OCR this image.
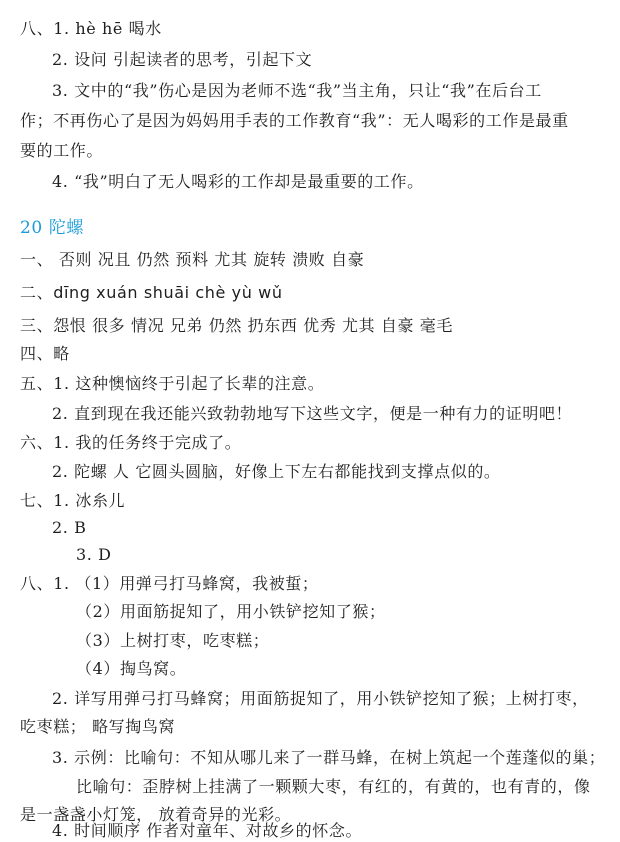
八、1. hè hē 喝水
2. 设问 引起读者的思考，引起下文
3. 文中的“我”伤心是因为老师不选“我”当主角，只让“我”在后台工
作；不再伤心了是因为妈妈用手表的工作教育“我”：无人喝彩的工作是最重
要的工作。
4. “我”明白了无人喝彩的工作却是最重要的工作。
20 陀螺
一、 否则 况且 仍然 预料 尤其 旋转 溃败 自豪
二、dīng xuán shuāi chè yù wǔ
三、怨恨 很多 情况 兄弟 仍然 扔东西 优秀 尤其 自豪 毫毛
四、略
五、1. 这种懊恼终于引起了长辈的注意。
2. 直到现在我还能兴致勃勃地写下这些文字，便是一种有力的证明吧！
六、1. 我的任务终于完成了。
2. 陀螺 人 它圆头圆脑，好像上下左右都能找到支撑点似的。
七、1. 冰糸儿
2. B
3. D
八、1. （1）用弹弓打马蜂窝，我被蜇；
（2）用面筋捉知了，用小铁铲挖知了猴；
（3）上树打枣，吃枣糕；
（4）掏鸟窝。
2. 详写用弹弓打马蜂窝；用面筋捉知了，用小铁铲挖知了猴；上树打枣，
吃枣糕； 略写掏鸟窝
3. 示例：比喻句：不知从哪儿来了一群马蜂，在树上筑起一个莲蓬似的巢；
比喻句：歪脖树上挂满了一颗颗大枣，有红的，有黄的，也有青的，像
是一盏盏小灯笼， 放着奇异的光彩。
4. 时间顺序 作者对童年、对故乡的怀念。
